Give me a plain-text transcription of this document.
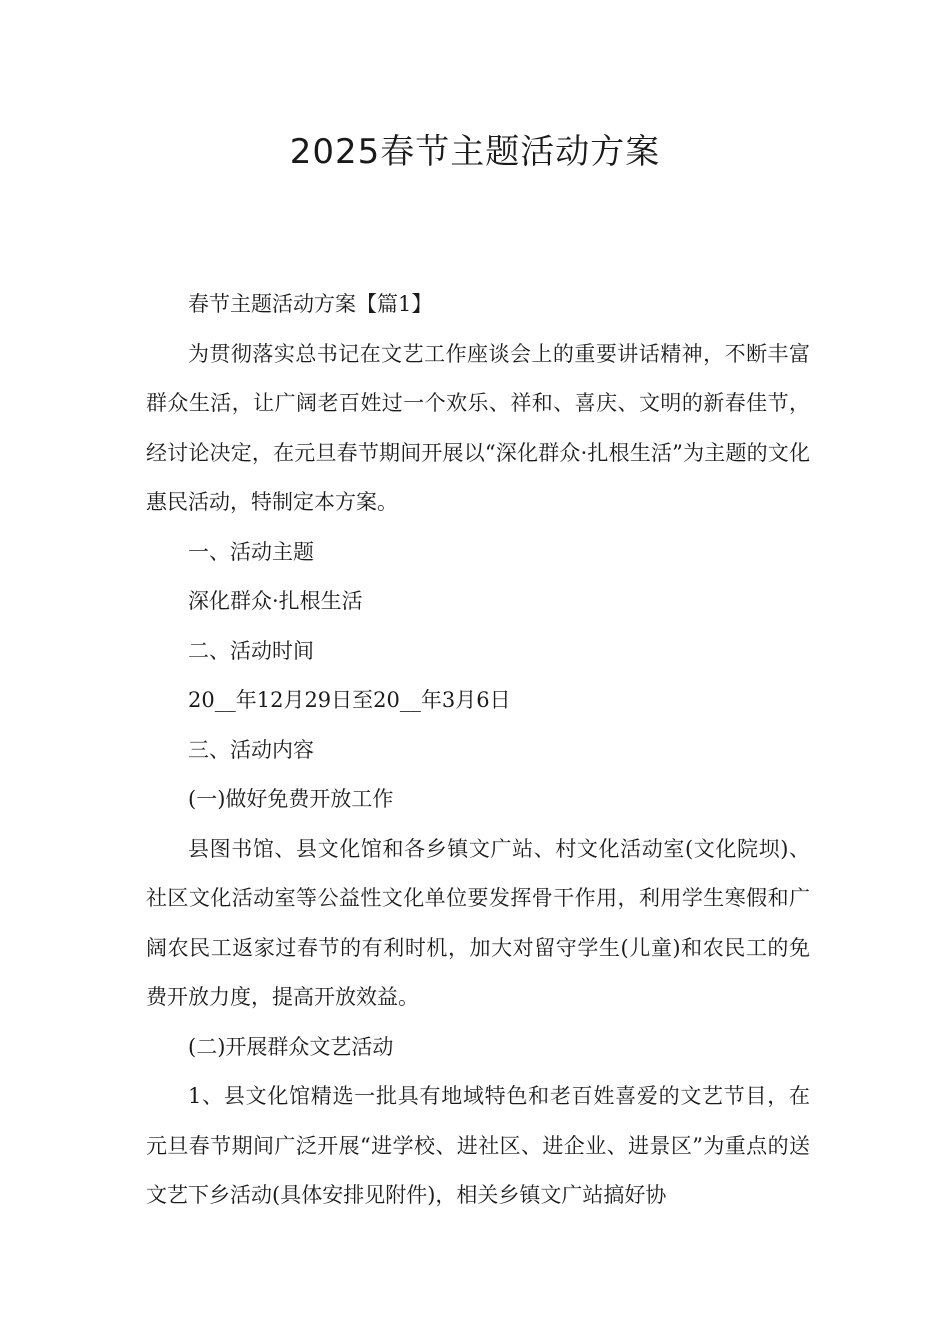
2025春节主题活动方案

春节主题活动方案【篇1】

为贯彻落实总书记在文艺工作座谈会上的重要讲话精神，不断丰富群众生活，让广阔老百姓过一个欢乐、祥和、喜庆、文明的新春佳节，经讨论决定，在元旦春节期间开展以“深化群众·扎根生活”为主题的文化惠民活动，特制定本方案。

一、活动主题

深化群众·扎根生活

二、活动时间

20__年12月29日至20__年3月6日

三、活动内容

(一)做好免费开放工作

县图书馆、县文化馆和各乡镇文广站、村文化活动室(文化院坝)、社区文化活动室等公益性文化单位要发挥骨干作用，利用学生寒假和广阔农民工返家过春节的有利时机，加大对留守学生(儿童)和农民工的免费开放力度，提高开放效益。

(二)开展群众文艺活动

1、县文化馆精选一批具有地域特色和老百姓喜爱的文艺节目，在元旦春节期间广泛开展“进学校、进社区、进企业、进景区”为重点的送文艺下乡活动(具体安排见附件)，相关乡镇文广站搞好协
